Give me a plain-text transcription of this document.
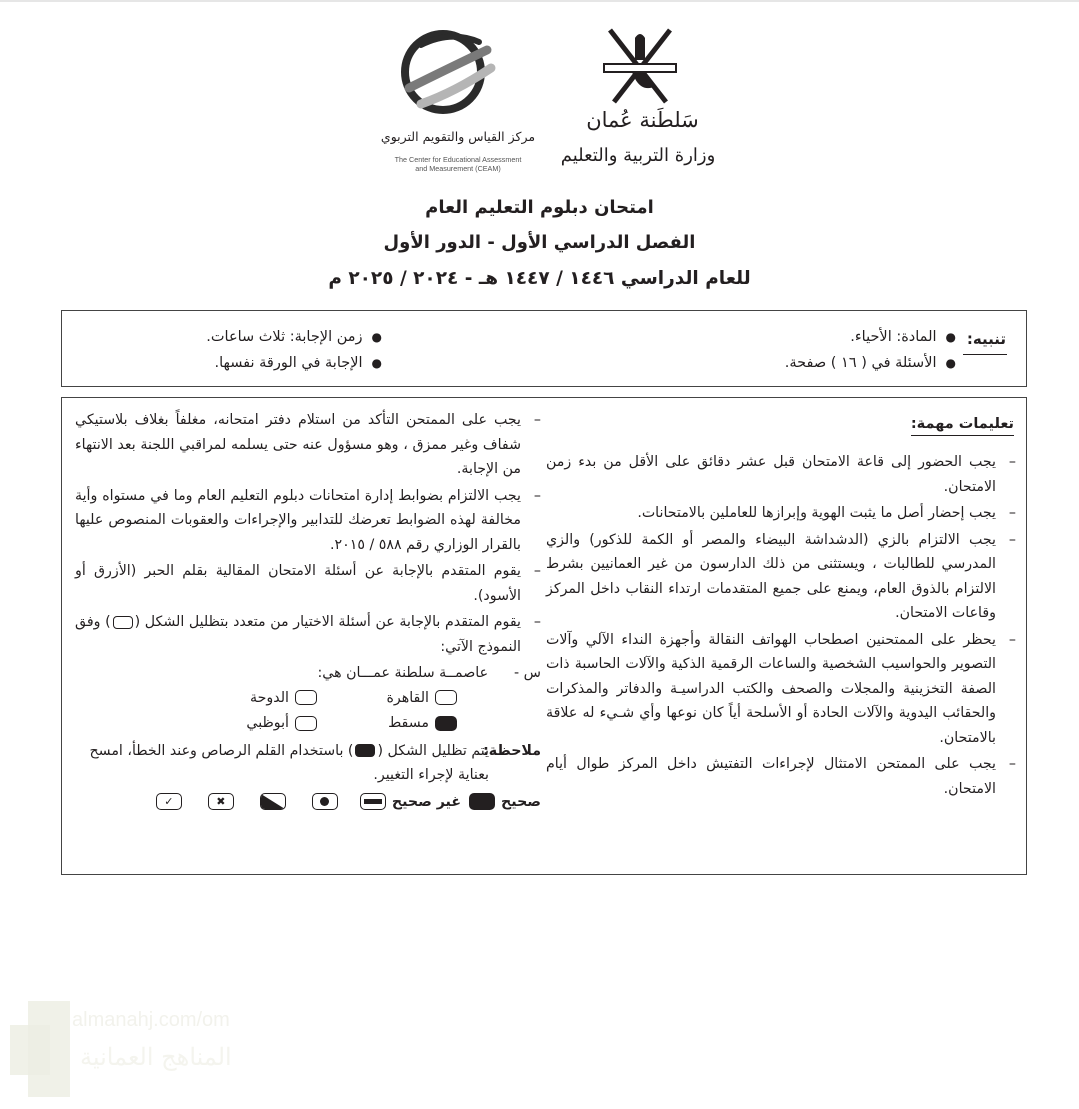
مركز القياس والتقويم التربوي
The Center for Educational Assessment
and Measurement (CEAM)
سَلطَنة عُمان
وزارة التربية والتعليم
امتحان دبلوم التعليم العام
الفصل الدراسي الأول - الدور الأول
للعام الدراسي ١٤٤٦ / ١٤٤٧ هـ - ٢٠٢٤ / ٢٠٢٥ م
تنبيه:
●المادة: الأحياء.
●الأسئلة في ( ١٦ ) صفحة.
●زمن الإجابة: ثلاث ساعات.
●الإجابة في الورقة نفسها.
تعليمات مهمة:
–
يجب الحضور إلى قاعة الامتحان قبل عشر دقائق على الأقل من بدء زمن الامتحان.
–
يجب إحضار أصل ما يثبت الهوية وإبرازها للعاملين بالامتحانات.
–
يجب الالتزام بالزي (الدشداشة البيضاء والمصر أو الكمة للذكور) والزي المدرسي للطالبات ، ويستثنى من ذلك الدارسون من غير العمانيين بشرط الالتزام بالذوق العام، ويمنع على جميع المتقدمات ارتداء النقاب داخل المركز وقاعات الامتحان.
–
يحظر على الممتحنين اصطحاب الهواتف النقالة وأجهزة النداء الآلي وآلات التصوير والحواسيب الشخصية والساعات الرقمية الذكية والآلات الحاسبة ذات الصفة التخزينية والمجلات والصحف والكتب الدراسيـة والدفاتر والمذكرات والحقائب اليدوية والآلات الحادة أو الأسلحة أياً كان نوعها وأي شـيء له علاقة بالامتحان.
–
يجب على الممتحن الامتثال لإجراءات التفتيش داخل المركز طوال أيام الامتحان.
–
يجب على الممتحن التأكد من استلام دفتر امتحانه، مغلفاً بغلاف بلاستيكي شفاف وغير ممزق ، وهو مسؤول عنه حتى يسلمه لمراقبي اللجنة بعد الانتهاء من الإجابة.
–
يجب الالتزام بضوابط إدارة امتحانات دبلوم التعليم العام وما في مستواه وأية مخالفة لهذه الضوابط تعرضك للتدابير والإجراءات والعقوبات المنصوص عليها بالقرار الوزاري رقم ٥٨٨ / ٢٠١٥.
–
يقوم المتقدم بالإجابة عن أسئلة الامتحان المقالية بقلم الحبر (الأزرق أو الأسود).
–
يقوم المتقدم بالإجابة عن أسئلة الاختيار من متعدد بتظليل الشكل () وفق النموذج الآتي:
س -عاصمــة سلطنة عمـــان هي:
القاهرة
الدوحة
مسقط
أبوظبي
ملاحظة:
يتم تظليل الشكل () باستخدام القلم الرصاص وعند الخطأ، امسح بعناية لإجراء التغيير.
صحيح
غير صحيح
✖
✓
almanahj.com/om
المناهج العمانية
